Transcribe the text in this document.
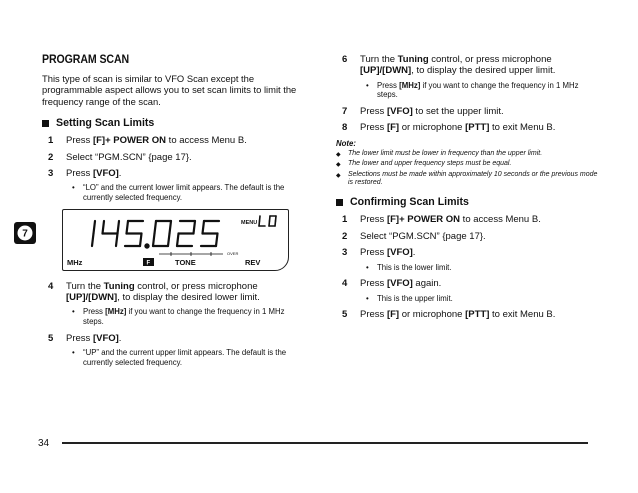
PROGRAM SCAN
This type of scan is similar to VFO Scan except the programmable aspect allows you to set scan limits to limit the frequency range of the scan.
Setting Scan Limits
1	Press [F]+ POWER ON to access Menu B.
2	Select “PGM.SCN” {page 17}.
3	Press [VFO].
•	“LO” and the current lower limit appears. The default is the currently selected frequency.
MENU
OVER
MHz	F	TONE	REV
4	Turn the Tuning control, or press microphone [UP]/[DWN], to display the desired lower limit.
•	Press [MHz] if you want to change the frequency in 1 MHz steps.
5	Press [VFO].
•	“UP” and the current upper limit appears. The default is the currently selected frequency.
6	Turn the Tuning control, or press microphone [UP]/[DWN], to display the desired upper limit.
•	Press [MHz] if you want to change the frequency in 1 MHz steps.
7	Press [VFO] to set the upper limit.
8	Press [F] or microphone [PTT] to exit Menu B.
Note:
◆	The lower limit must be lower in frequency than the upper limit.
◆	The lower and upper frequency steps must be equal.
◆	Selections must be made within approximately 10 seconds or the previous mode is restored.
Confirming Scan Limits
1	Press [F]+ POWER ON to access Menu B.
2	Select “PGM.SCN” {page 17}.
3	Press [VFO].
•	This is the lower limit.
4	Press [VFO] again.
•	This is the upper limit.
5	Press [F] or microphone [PTT] to exit Menu B.
7
34
